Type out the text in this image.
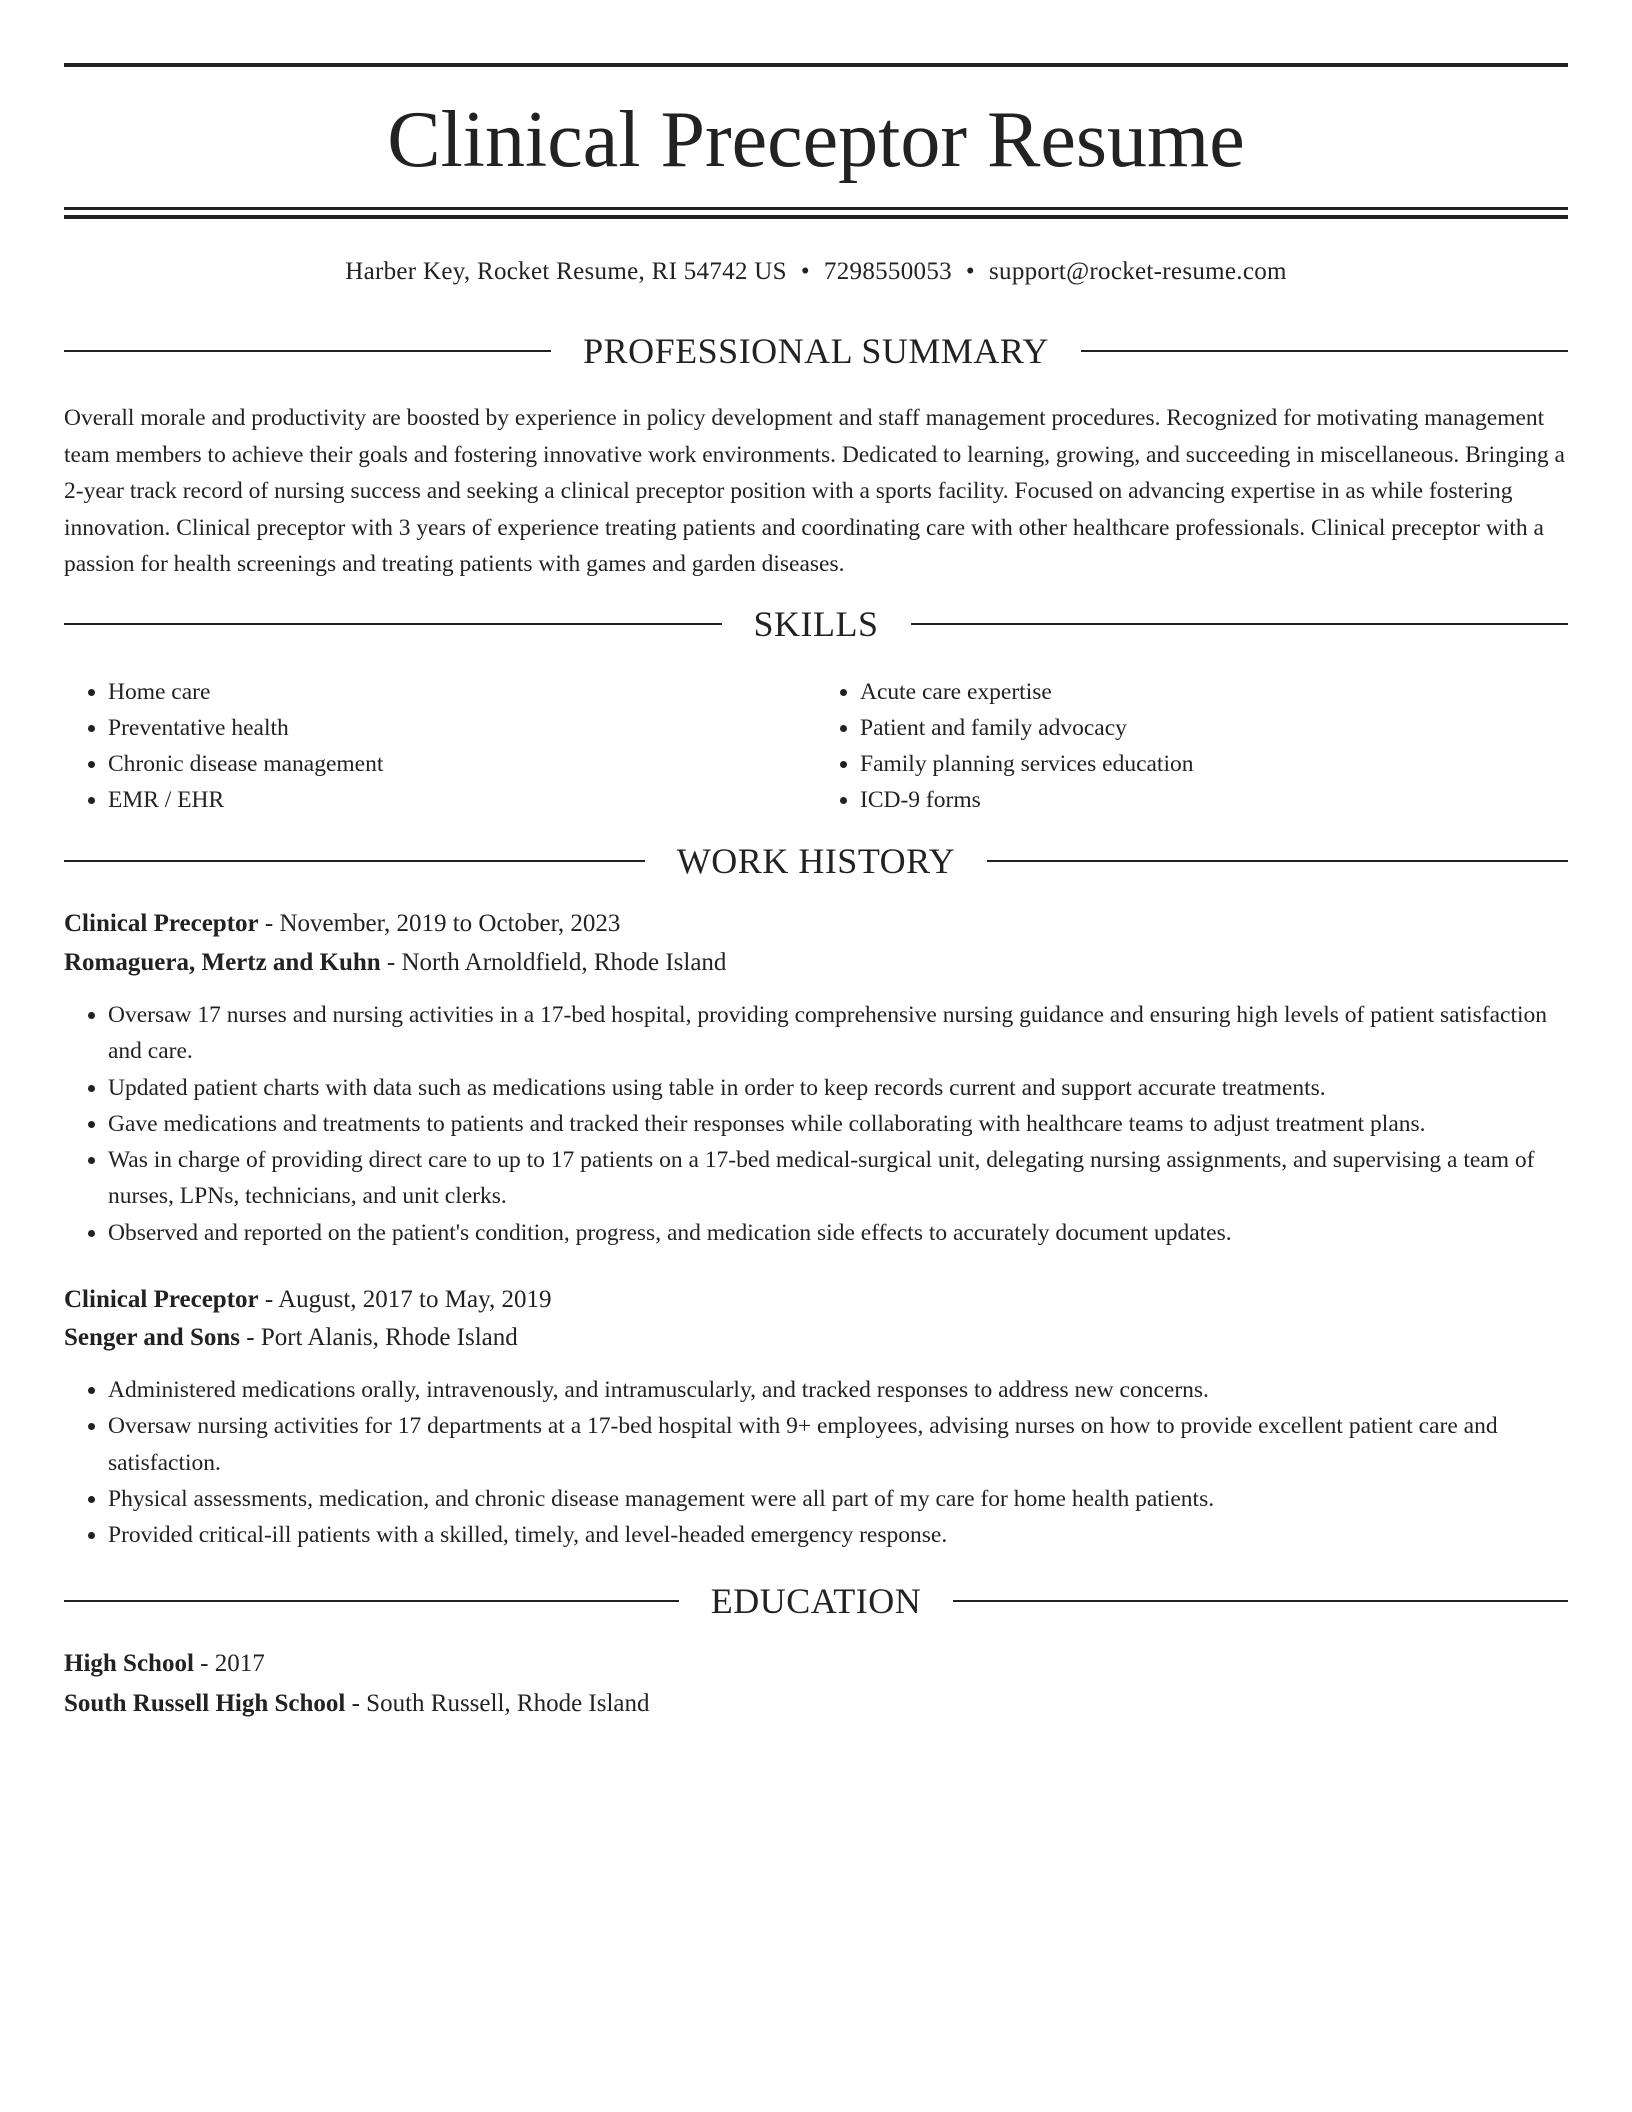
Clinical Preceptor Resume
Harber Key, Rocket Resume, RI 54742 US • 7298550053 • support@rocket-resume.com
PROFESSIONAL SUMMARY

Overall morale and productivity are boosted by experience in policy development and staff management procedures. Recognized for motivating management team members to achieve their goals and fostering innovative work environments. Dedicated to learning, growing, and succeeding in miscellaneous. Bringing a 2-year track record of nursing success and seeking a clinical preceptor position with a sports facility. Focused on advancing expertise in as while fostering innovation. Clinical preceptor with 3 years of experience treating patients and coordinating care with other healthcare professionals. Clinical preceptor with a passion for health screenings and treating patients with games and garden diseases.

SKILLS
• Home care
• Preventative health
• Chronic disease management
• EMR / EHR
• Acute care expertise
• Patient and family advocacy
• Family planning services education
• ICD-9 forms
WORK HISTORY
Clinical Preceptor - November, 2019 to October, 2023
Romaguera, Mertz and Kuhn - North Arnoldfield, Rhode Island
• Oversaw 17 nurses and nursing activities in a 17-bed hospital, providing comprehensive nursing guidance and ensuring high levels of patient satisfaction and care.
• Updated patient charts with data such as medications using table in order to keep records current and support accurate treatments.
• Gave medications and treatments to patients and tracked their responses while collaborating with healthcare teams to adjust treatment plans.
• Was in charge of providing direct care to up to 17 patients on a 17-bed medical-surgical unit, delegating nursing assignments, and supervising a team of nurses, LPNs, technicians, and unit clerks.
• Observed and reported on the patient's condition, progress, and medication side effects to accurately document updates.
Clinical Preceptor - August, 2017 to May, 2019
Senger and Sons - Port Alanis, Rhode Island
• Administered medications orally, intravenously, and intramuscularly, and tracked responses to address new concerns.
• Oversaw nursing activities for 17 departments at a 17-bed hospital with 9+ employees, advising nurses on how to provide excellent patient care and satisfaction.
• Physical assessments, medication, and chronic disease management were all part of my care for home health patients.
• Provided critical-ill patients with a skilled, timely, and level-headed emergency response.
EDUCATION
High School - 2017
South Russell High School - South Russell, Rhode Island
